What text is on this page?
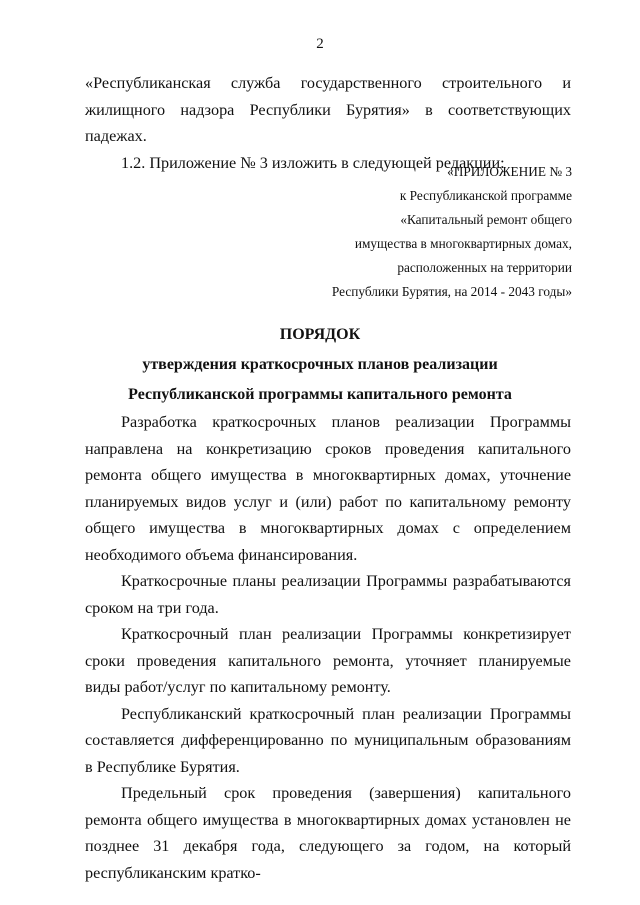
2

«Республиканская служба государственного строительного и жилищного надзора Республики Бурятия» в соответствующих падежах.

1.2. Приложение № 3 изложить в следующей редакции:

«ПРИЛОЖЕНИЕ № 3
к Республиканской программе
«Капитальный ремонт общего
имущества в многоквартирных домах,
расположенных на территории
Республики Бурятия, на 2014 - 2043 годы»
ПОРЯДОК
утверждения краткосрочных планов реализации
Республиканской программы капитального ремонта

Разработка краткосрочных планов реализации Программы направлена на конкретизацию сроков проведения капитального ремонта общего имущества в многоквартирных домах, уточнение планируемых видов услуг и (или) работ по капитальному ремонту общего имущества в многоквартирных домах с определением необходимого объема финансирования.

Краткосрочные планы реализации Программы разрабатываются сроком на три года.

Краткосрочный план реализации Программы конкретизирует сроки проведения капитального ремонта, уточняет планируемые виды работ/услуг по капитальному ремонту.

Республиканский краткосрочный план реализации Программы составляется дифференцированно по муниципальным образованиям в Республике Бурятия.

Предельный срок проведения (завершения) капитального ремонта общего имущества в многоквартирных домах установлен не позднее 31 декабря года, следующего за годом, на который республиканским кратко-
